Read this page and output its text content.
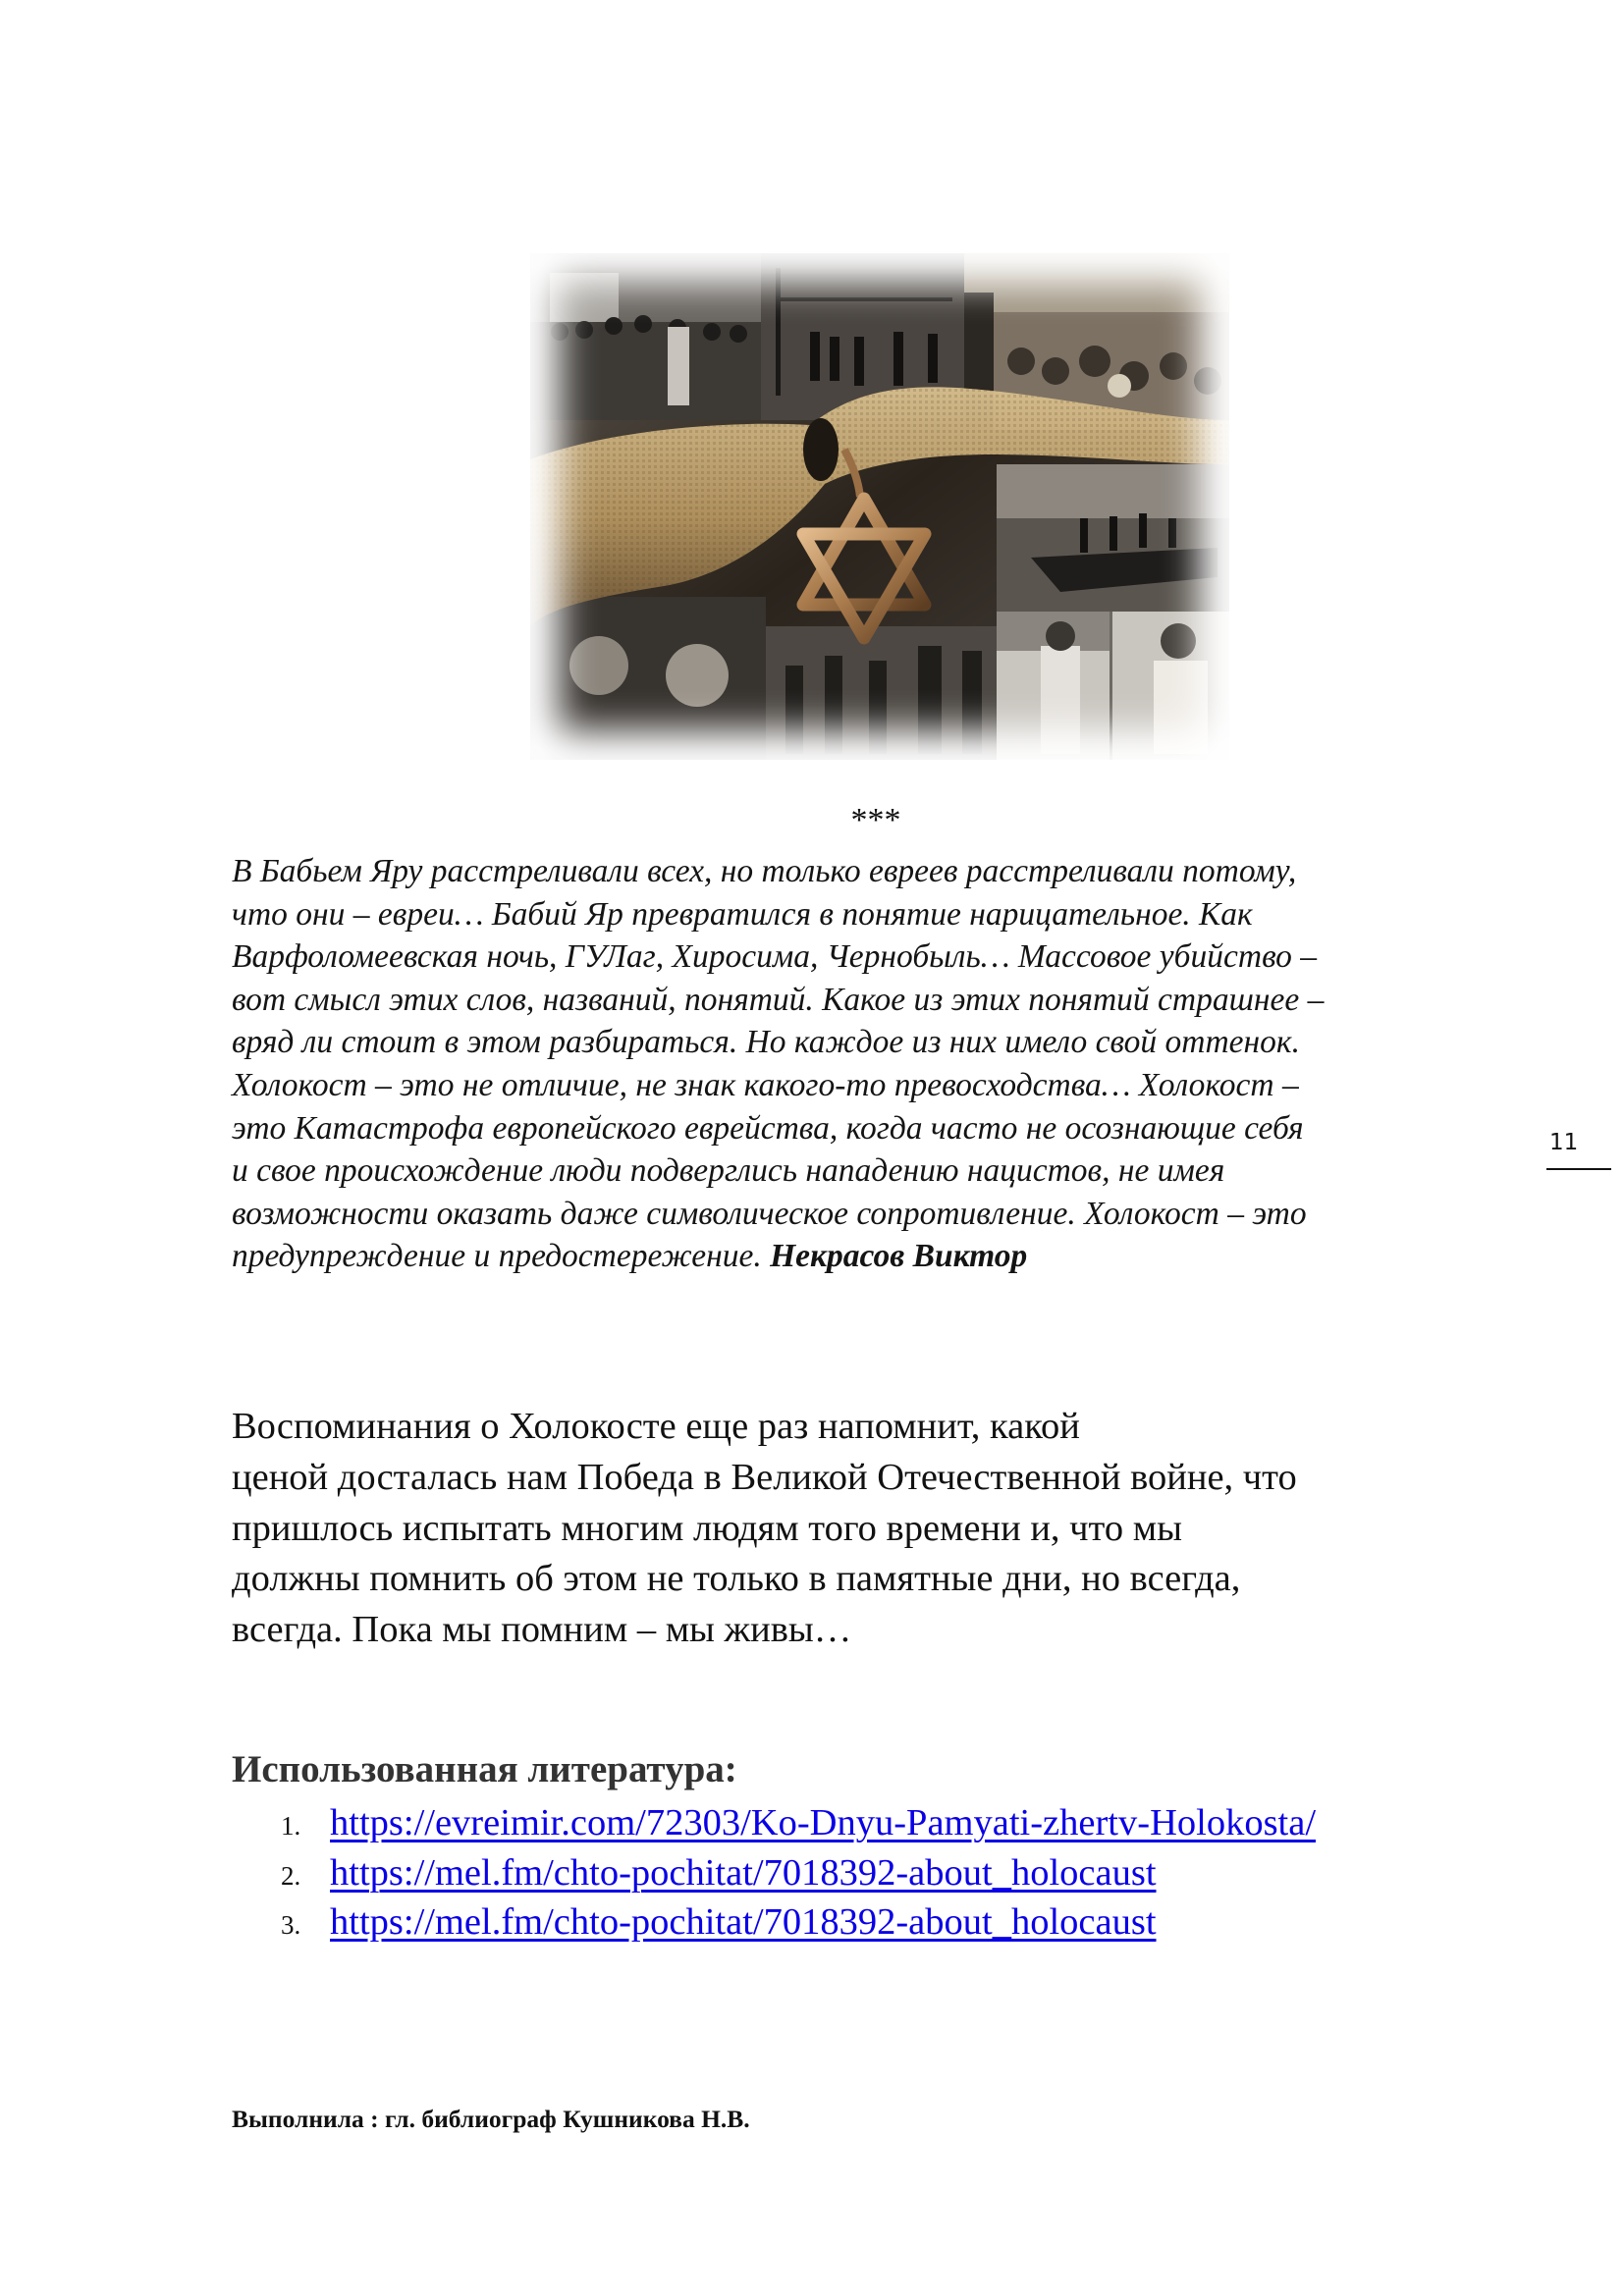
***
В Бабьем Яру расстреливали всех, но только евреев расстреливали потому,
что они – евреи… Бабий Яр превратился в понятие нарицательное. Как
Варфоломеевская ночь, ГУЛаг, Хиросима, Чернобыль… Массовое убийство –
вот смысл этих слов, названий, понятий. Какое из этих понятий страшнее –
вряд ли стоит в этом разбираться. Но каждое из них имело свой оттенок.
Холокост – это не отличие, не знак какого-то превосходства… Холокост –
это Катастрофа европейского еврейства, когда часто не осознающие себя
и свое происхождение люди подверглись нападению нацистов, не имея
возможности оказать даже символическое сопротивление. Холокост – это
предупреждение и предостережение. Некрасов Виктор
11
Воспоминания о Холокосте еще раз напомнит, какой
ценой досталась нам Победа в Великой Отечественной войне, что
пришлось испытать многим людям того времени и, что мы
должны помнить об этом не только в памятные дни, но всегда,
всегда. Пока мы помним – мы живы…
Использованная литература:
1. https://evreimir.com/72303/Ko-Dnyu-Pamyati-zhertv-Holokosta/
2. https://mel.fm/chto-pochitat/7018392-about_holocaust
3. https://mel.fm/chto-pochitat/7018392-about_holocaust
Выполнила : гл. библиограф Кушникова Н.В.
